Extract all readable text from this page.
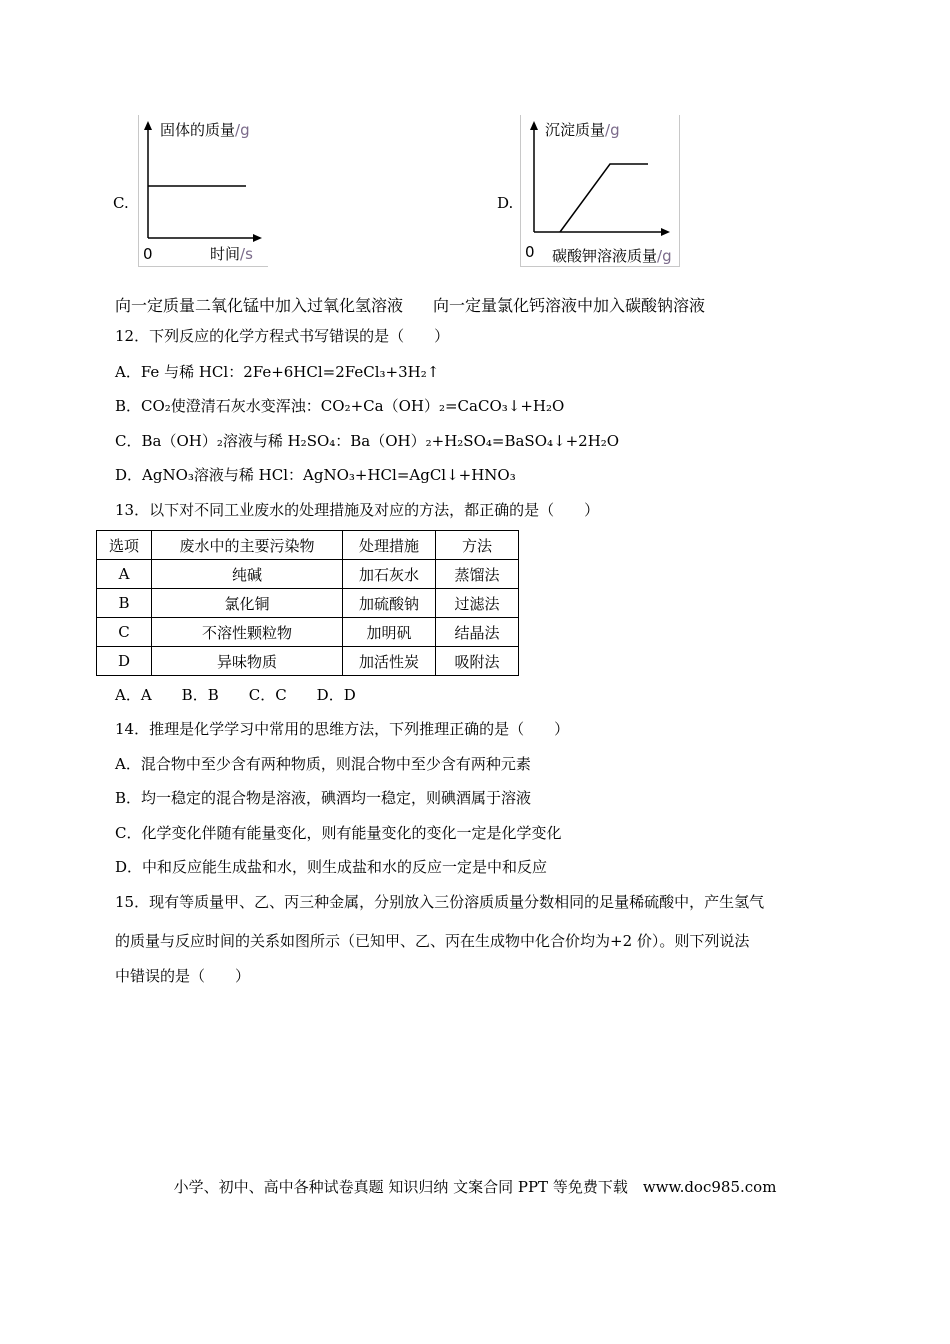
C.	D.
固体的质量/g
时间/s
0
沉淀质量/g
碳酸钾溶液质量/g
0
向一定质量二氧化锰中加入过氧化氢溶液 向一定量氯化钙溶液中加入碳酸钠溶液
12．下列反应的化学方程式书写错误的是（　　）
A．Fe 与稀 HCl：2Fe+6HCl=2FeCl₃+3H₂↑
B．CO₂使澄清石灰水变浑浊：CO₂+Ca（OH）₂=CaCO₃↓+H₂O
C．Ba（OH）₂溶液与稀 H₂SO₄：Ba（OH）₂+H₂SO₄=BaSO₄↓+2H₂O
D．AgNO₃溶液与稀 HCl：AgNO₃+HCl=AgCl↓+HNO₃
13．以下对不同工业废水的处理措施及对应的方法，都正确的是（　　）
选项	废水中的主要污染物	处理措施	方法
A	纯碱	加石灰水	蒸馏法
B	氯化铜	加硫酸钠	过滤法
C	不溶性颗粒物	加明矾	结晶法
D	异味物质	加活性炭	吸附法
A．A　　B．B　　C．C　　D．D
14．推理是化学学习中常用的思维方法，下列推理正确的是（　　）
A．混合物中至少含有两种物质，则混合物中至少含有两种元素
B．均一稳定的混合物是溶液，碘酒均一稳定，则碘酒属于溶液
C．化学变化伴随有能量变化，则有能量变化的变化一定是化学变化
D．中和反应能生成盐和水，则生成盐和水的反应一定是中和反应
15．现有等质量甲、乙、丙三种金属，分别放入三份溶质质量分数相同的足量稀硫酸中，产生氢气
的质量与反应时间的关系如图所示（已知甲、乙、丙在生成物中化合价均为+2 价）。则下列说法
中错误的是（　　）
小学、初中、高中各种试卷真题 知识归纳 文案合同 PPT 等免费下载　www.doc985.com
